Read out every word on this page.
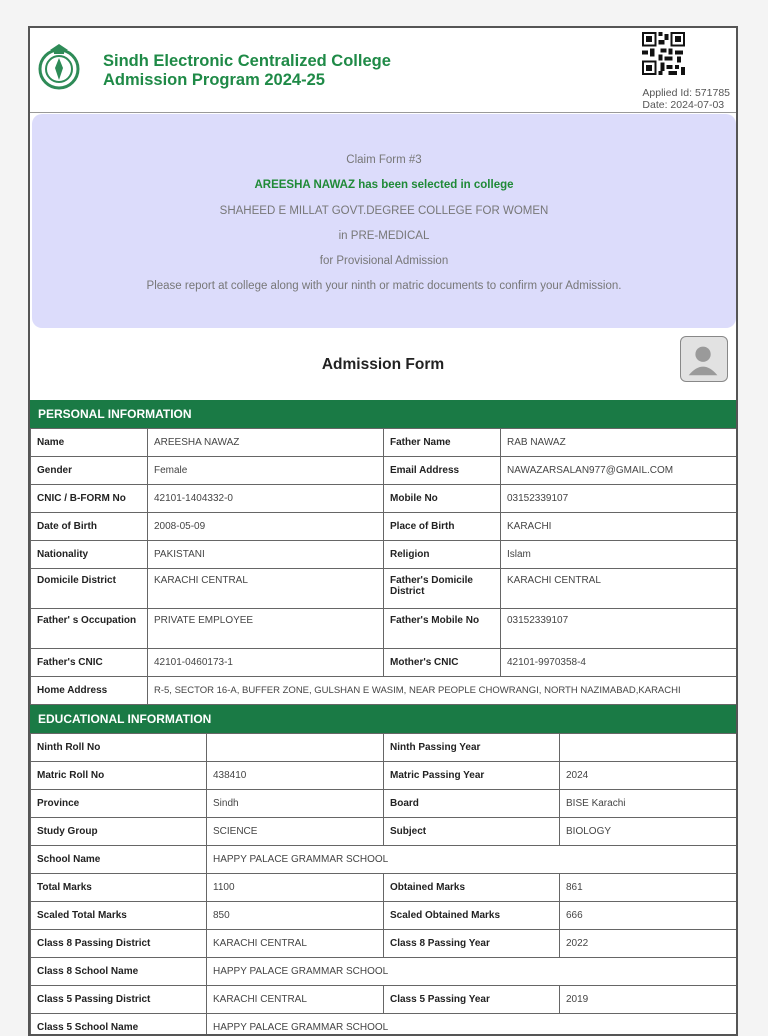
Sindh Electronic Centralized College
Admission Program 2024-25
Applied Id: 571785
Date: 2024-07-03
Claim Form #3
AREESHA NAWAZ has been selected in college
SHAHEED E MILLAT GOVT.DEGREE COLLEGE FOR WOMEN
in PRE-MEDICAL
for Provisional Admission
Please report at college along with your ninth or matric documents to confirm your Admission.
Admission Form
PERSONAL INFORMATION
Name	AREESHA NAWAZ	Father Name	RAB NAWAZ
Gender	Female	Email Address	NAWAZARSALAN977@GMAIL.COM
CNIC / B-FORM No	42101-1404332-0	Mobile No	03152339107
Date of Birth	2008-05-09	Place of Birth	KARACHI
Nationality	PAKISTANI	Religion	Islam
Domicile District	KARACHI CENTRAL	Father's Domicile District	KARACHI CENTRAL
Father' s Occupation	PRIVATE EMPLOYEE	Father's Mobile No	03152339107
Father's CNIC	42101-0460173-1	Mother's CNIC	42101-9970358-4
Home Address	R-5, SECTOR 16-A, BUFFER ZONE, GULSHAN E WASIM, NEAR PEOPLE CHOWRANGI, NORTH NAZIMABAD,KARACHI		
EDUCATIONAL INFORMATION
Ninth Roll No		Ninth Passing Year	
Matric Roll No	438410	Matric Passing Year	2024
Province	Sindh	Board	BISE Karachi
Study Group	SCIENCE	Subject	BIOLOGY
School Name	HAPPY PALACE GRAMMAR SCHOOL		
Total Marks	1100	Obtained Marks	861
Scaled Total Marks	850	Scaled Obtained Marks	666
Class 8 Passing District	KARACHI CENTRAL	Class 8 Passing Year	2022
Class 8 School Name	HAPPY PALACE GRAMMAR SCHOOL		
Class 5 Passing District	KARACHI CENTRAL	Class 5 Passing Year	2019
Class 5 School Name	HAPPY PALACE GRAMMAR SCHOOL		
